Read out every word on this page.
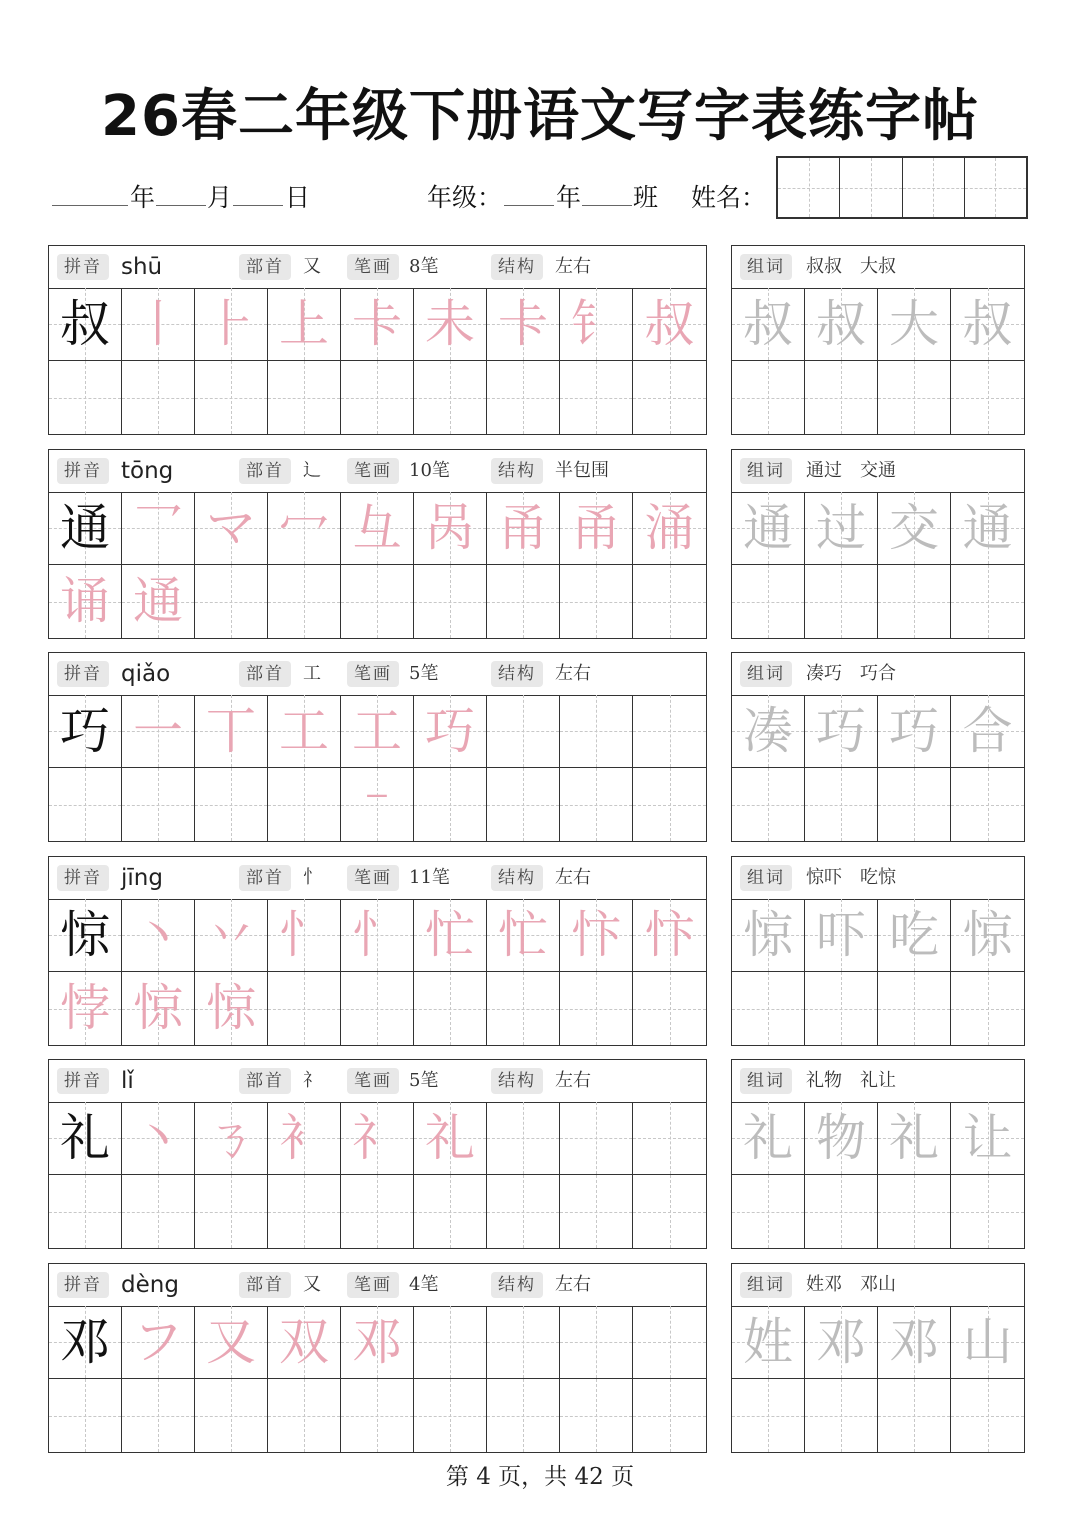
26春二年级下册语文写字表练字帖
年 月 日	年级： 年 班 姓名：
拼音 shū	部首	又	笔画 8笔	结构	左右
叔 丨 ⺊ 上 卡 未 卡 钅 叔
组词	叔叔　大叔
叔 叔 大 叔
拼音 tōng	部首	辶	笔画 10笔	结构	半包围
通 乛 マ 冖 彑 呙 甬 甬 涌
诵 通
组词	通过　交通
通 过 交 通
拼音 qiǎo	部首	工	笔画 5笔	结构	左右
巧 一 丅 工 工⁻
巧
组词	凑巧　巧合
凑 巧 巧 合
拼音 jīng	部首	忄	笔画 11笔	结构	左右
惊 丶 丷 忄 忄 忙 忙 忭 忭
悖 惊 惊
组词	惊吓　吃惊
惊 吓 吃 惊
拼音 lǐ	部首	礻	笔画 5笔	结构	左右
礼 丶 ㄋ 衤 礻 礼
组词	礼物　礼让
礼 物 礼 让
拼音 dèng	部首	又	笔画 4笔	结构	左右
邓 フ 又 双 邓
组词	姓邓　邓山
姓 邓 邓 山
第 4 页，共 42 页
